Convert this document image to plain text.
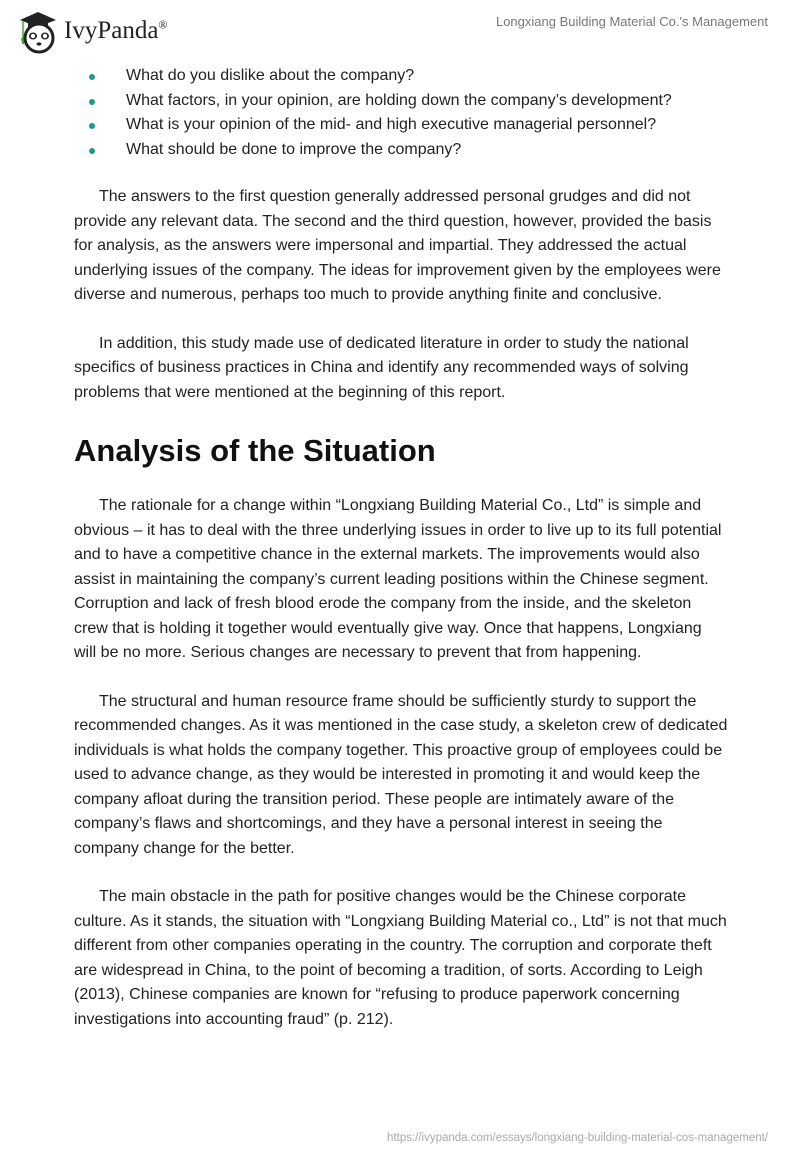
IvyPanda®	Longxiang Building Material Co.'s Management
What do you dislike about the company?
What factors, in your opinion, are holding down the company’s development?
What is your opinion of the mid- and high executive managerial personnel?
What should be done to improve the company?

The answers to the first question generally addressed personal grudges and did not provide any relevant data. The second and the third question, however, provided the basis for analysis, as the answers were impersonal and impartial. They addressed the actual underlying issues of the company. The ideas for improvement given by the employees were diverse and numerous, perhaps too much to provide anything finite and conclusive.

In addition, this study made use of dedicated literature in order to study the national specifics of business practices in China and identify any recommended ways of solving problems that were mentioned at the beginning of this report.

Analysis of the Situation

The rationale for a change within “Longxiang Building Material Co., Ltd” is simple and obvious – it has to deal with the three underlying issues in order to live up to its full potential and to have a competitive chance in the external markets. The improvements would also assist in maintaining the company’s current leading positions within the Chinese segment. Corruption and lack of fresh blood erode the company from the inside, and the skeleton crew that is holding it together would eventually give way. Once that happens, Longxiang will be no more. Serious changes are necessary to prevent that from happening.

The structural and human resource frame should be sufficiently sturdy to support the recommended changes. As it was mentioned in the case study, a skeleton crew of dedicated individuals is what holds the company together. This proactive group of employees could be used to advance change, as they would be interested in promoting it and would keep the company afloat during the transition period. These people are intimately aware of the company’s flaws and shortcomings, and they have a personal interest in seeing the company change for the better.

The main obstacle in the path for positive changes would be the Chinese corporate culture. As it stands, the situation with “Longxiang Building Material co., Ltd” is not that much different from other companies operating in the country. The corruption and corporate theft are widespread in China, to the point of becoming a tradition, of sorts. According to Leigh (2013), Chinese companies are known for “refusing to produce paperwork concerning investigations into accounting fraud” (p. 212).

https://ivypanda.com/essays/longxiang-building-material-cos-management/
